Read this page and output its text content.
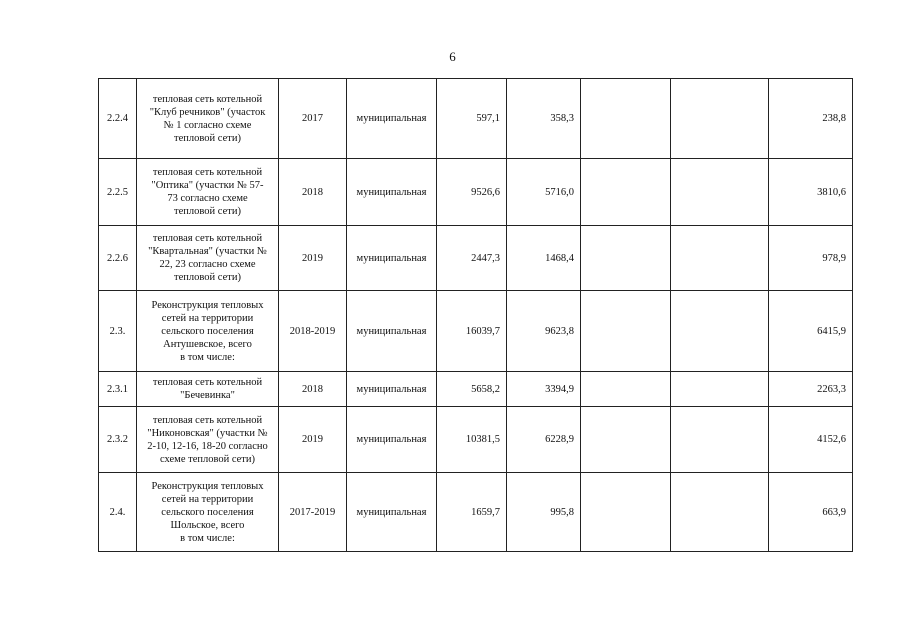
6
2.2.4	тепловая сеть котельной
"Клуб речников" (участок
№ 1 согласно схеме
тепловой сети)	2017	муниципальная	597,1	358,3			238,8
2.2.5	тепловая сеть котельной
"Оптика" (участки № 57-
73 согласно схеме
тепловой сети)	2018	муниципальная	9526,6	5716,0			3810,6
2.2.6	тепловая сеть котельной
"Квартальная" (участки №
22, 23 согласно схеме
тепловой сети)	2019	муниципальная	2447,3	1468,4			978,9
2.3.	Реконструкция тепловых
сетей на территории
сельского поселения
Антушевское, всего
в том числе:	2018-2019	муниципальная	16039,7	9623,8			6415,9
2.3.1	тепловая сеть котельной
"Бечевинка"	2018	муниципальная	5658,2	3394,9			2263,3
2.3.2	тепловая сеть котельной
"Никоновская" (участки №
2-10, 12-16, 18-20 согласно
схеме тепловой сети)	2019	муниципальная	10381,5	6228,9			4152,6
2.4.	Реконструкция тепловых
сетей на территории
сельского поселения
Шольское, всего
в том числе:	2017-2019	муниципальная	1659,7	995,8			663,9
